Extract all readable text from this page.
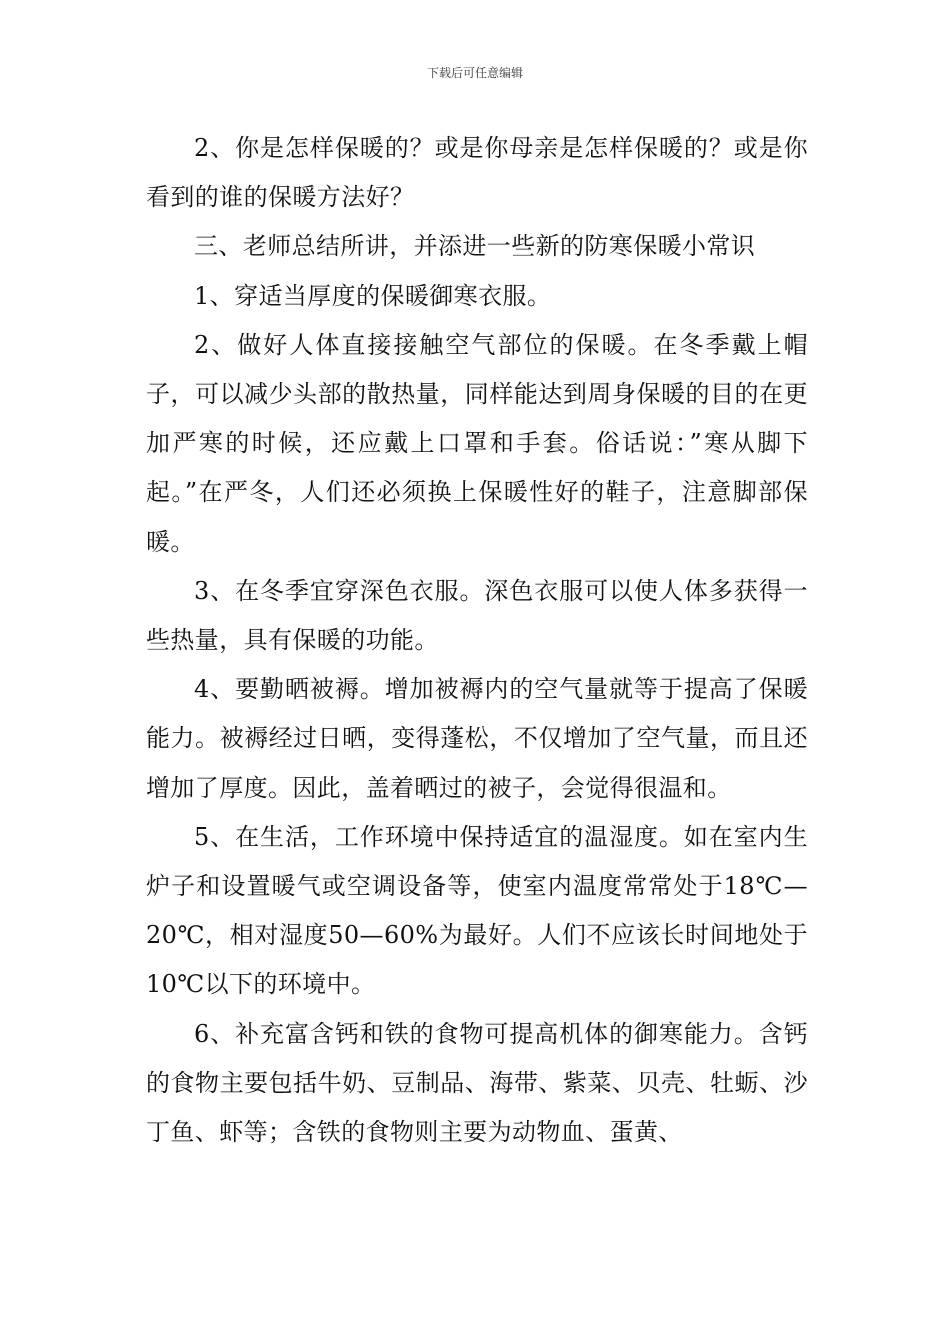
下载后可任意编辑

2、你是怎样保暖的？或是你母亲是怎样保暖的？或是你看到的谁的保暖方法好？

三、老师总结所讲，并添进一些新的防寒保暖小常识

1、穿适当厚度的保暖御寒衣服。

2、做好人体直接接触空气部位的保暖。在冬季戴上帽子，可以减少头部的散热量，同样能达到周身保暖的目的在更加严寒的时候，还应戴上口罩和手套。俗话说：”寒从脚下起。”在严冬，人们还必须换上保暖性好的鞋子，注意脚部保暖。

3、在冬季宜穿深色衣服。深色衣服可以使人体多获得一些热量，具有保暖的功能。

4、要勤晒被褥。增加被褥内的空气量就等于提高了保暖能力。被褥经过日晒，变得蓬松，不仅增加了空气量，而且还增加了厚度。因此，盖着晒过的被子，会觉得很温和。

5、在生活，工作环境中保持适宜的温湿度。如在室内生炉子和设置暖气或空调设备等，使室内温度常常处于18℃—20℃，相对湿度50—60%为最好。人们不应该长时间地处于10℃以下的环境中。

6、补充富含钙和铁的食物可提高机体的御寒能力。含钙的食物主要包括牛奶、豆制品、海带、紫菜、贝壳、牡蛎、沙丁鱼、虾等；含铁的食物则主要为动物血、蛋黄、
